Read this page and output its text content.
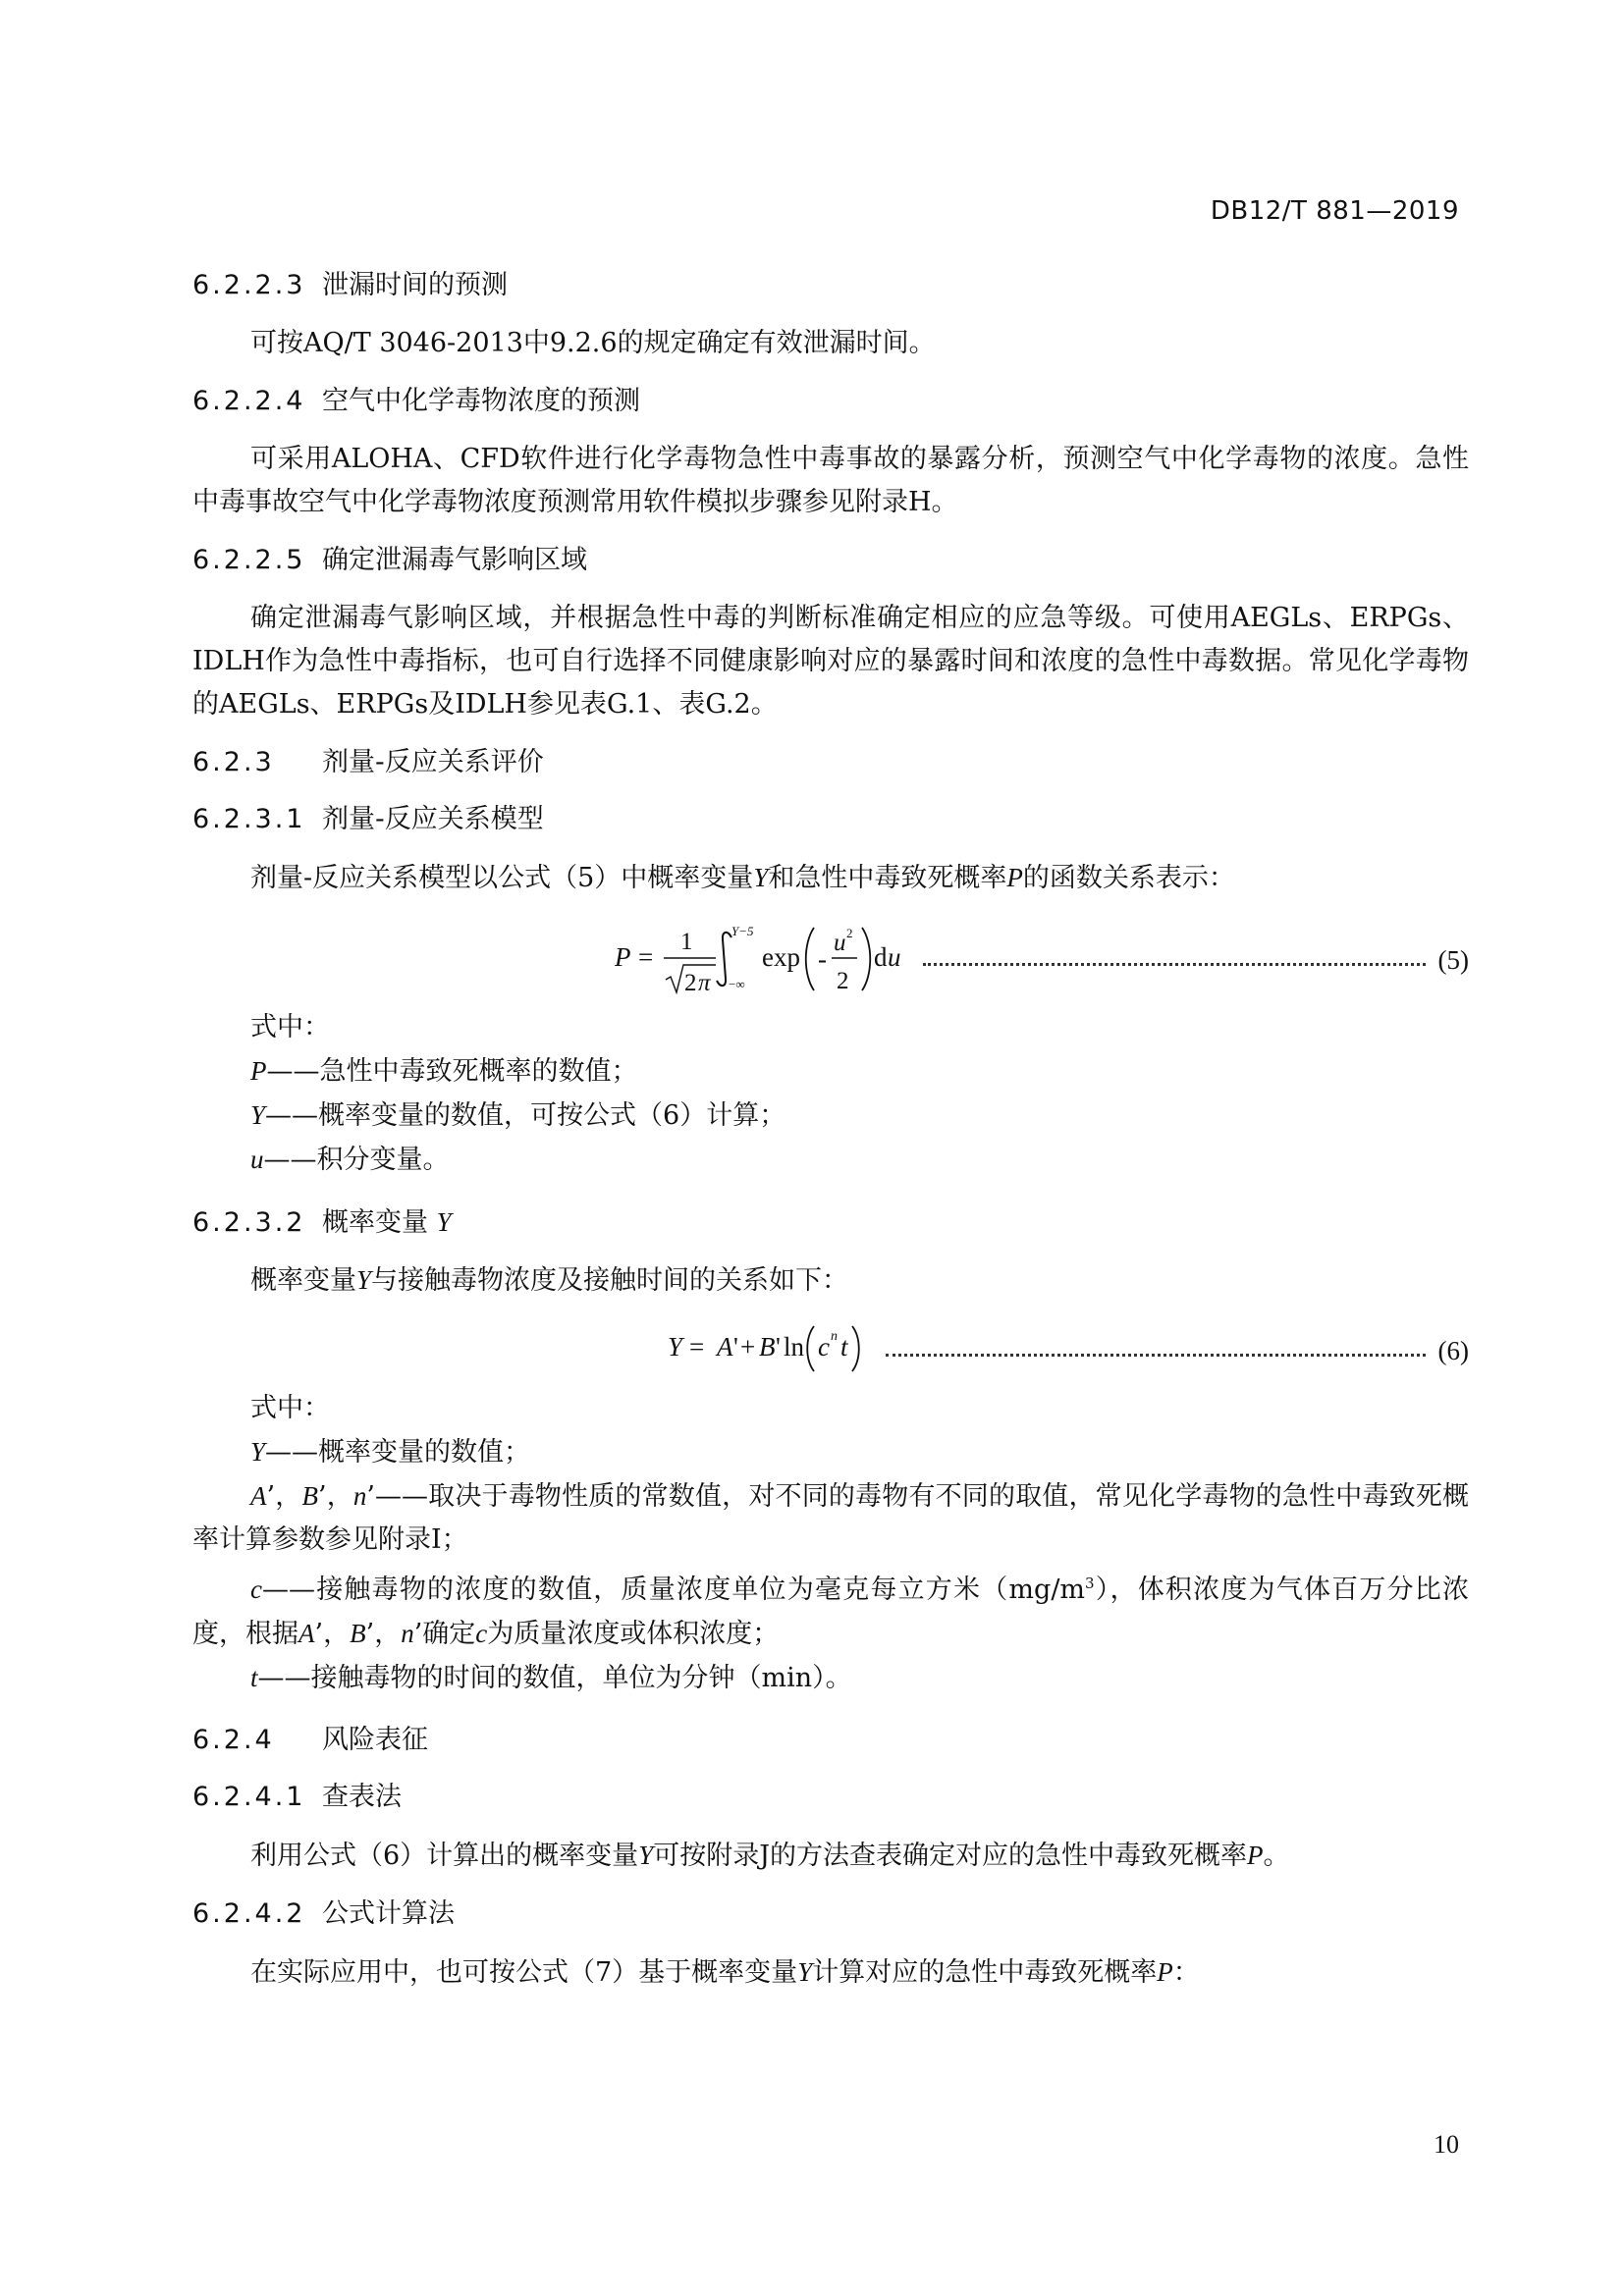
DB12/T 881—2019
6.2.2.3 泄漏时间的预测

可按AQ/T 3046-2013中9.2.6的规定确定有效泄漏时间。

6.2.2.4 空气中化学毒物浓度的预测

可采用ALOHA、CFD软件进行化学毒物急性中毒事故的暴露分析，预测空气中化学毒物的浓度。急性中毒事故空气中化学毒物浓度预测常用软件模拟步骤参见附录H。

6.2.2.5 确定泄漏毒气影响区域

确定泄漏毒气影响区域，并根据急性中毒的判断标准确定相应的应急等级。可使用AEGLs、ERPGs、IDLH作为急性中毒指标，也可自行选择不同健康影响对应的暴露时间和浓度的急性中毒数据。常见化学毒物的AEGLs、ERPGs及IDLH参见表G.1、表G.2。

6.2.3 剂量-反应关系评价
6.2.3.1 剂量-反应关系模型

剂量-反应关系模型以公式（5）中概率变量Y和急性中毒致死概率P的函数关系表示：

P =
1
2 π
Y−5
−∞
exp -
u 2
2
d u	(5)

式中：

P——急性中毒致死概率的数值；

Y——概率变量的数值，可按公式（6）计算；

u——积分变量。

6.2.3.2 概率变量 Y

概率变量Y与接触毒物浓度及接触时间的关系如下：

Y = A ' + B ' ln c n t	(6)

式中：

Y——概率变量的数值；

A’，B’，n’——取决于毒物性质的常数值，对不同的毒物有不同的取值，常见化学毒物的急性中毒致死概率计算参数参见附录I；

c——接触毒物的浓度的数值，质量浓度单位为毫克每立方米$(mg/m^3)$，体积浓度为气体百万分比浓度，根据A’，B’，n’确定c为质量浓度或体积浓度；

t——接触毒物的时间的数值，单位为分钟（min）。

6.2.4 风险表征
6.2.4.1 查表法

利用公式（6）计算出的概率变量Y可按附录J的方法查表确定对应的急性中毒致死概率P。

6.2.4.2 公式计算法

在实际应用中，也可按公式（7）基于概率变量Y计算对应的急性中毒致死概率P：

10
